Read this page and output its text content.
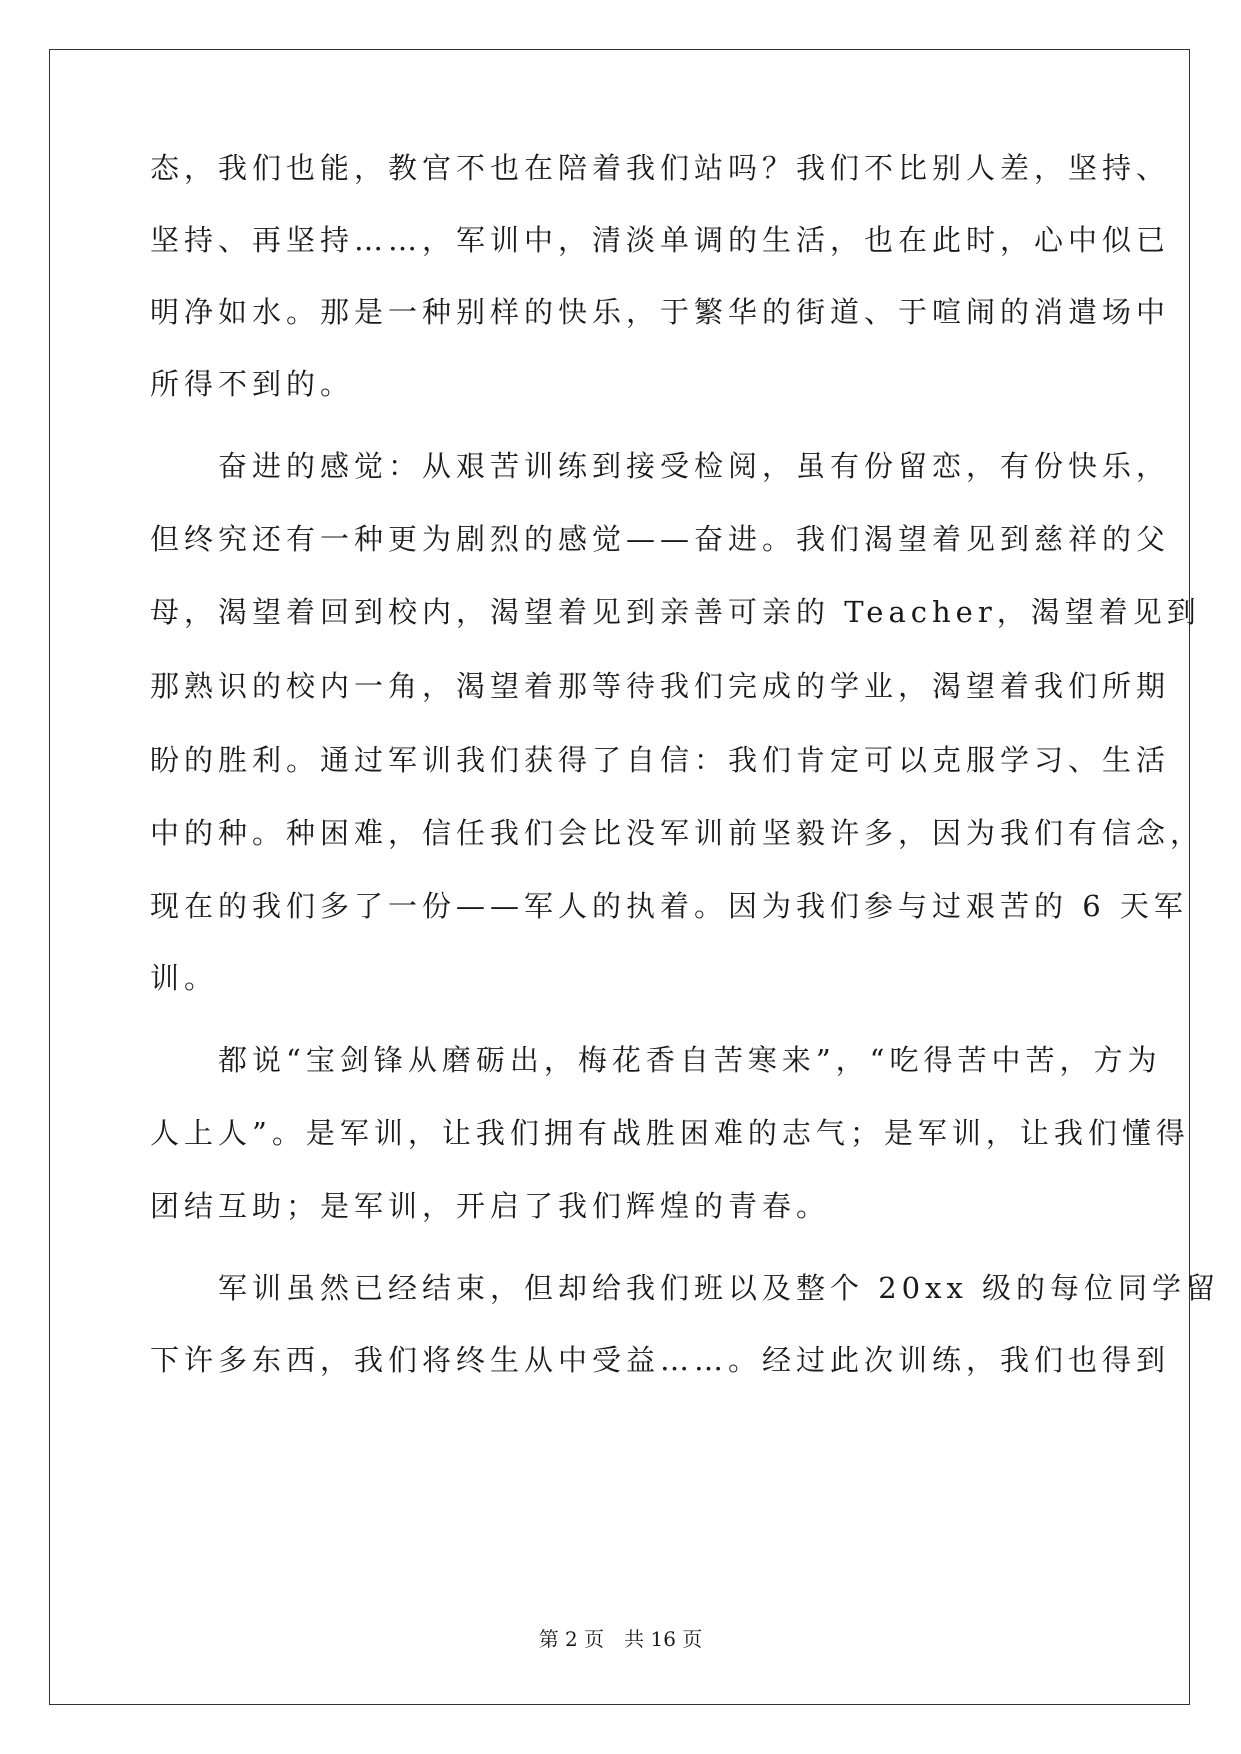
态，我们也能，教官不也在陪着我们站吗？我们不比别人差，坚持、
坚持、再坚持……，军训中，清淡单调的生活，也在此时，心中似已
明净如水。那是一种别样的快乐，于繁华的街道、于喧闹的消遣场中
所得不到的。
　　奋进的感觉：从艰苦训练到接受检阅，虽有份留恋，有份快乐，
但终究还有一种更为剧烈的感觉——奋进。我们渴望着见到慈祥的父
母，渴望着回到校内，渴望着见到亲善可亲的 Teacher，渴望着见到
那熟识的校内一角，渴望着那等待我们完成的学业，渴望着我们所期
盼的胜利。通过军训我们获得了自信：我们肯定可以克服学习、生活
中的种。种困难，信任我们会比没军训前坚毅许多，因为我们有信念，
现在的我们多了一份——军人的执着。因为我们参与过艰苦的 6 天军
训。
　　都说“宝剑锋从磨砺出，梅花香自苦寒来”，“吃得苦中苦，方为
人上人”。是军训，让我们拥有战胜困难的志气；是军训，让我们懂得
团结互助；是军训，开启了我们辉煌的青春。
　　军训虽然已经结束，但却给我们班以及整个 20xx 级的每位同学留
下许多东西，我们将终生从中受益……。经过此次训练，我们也得到
第 2 页　共 16 页
